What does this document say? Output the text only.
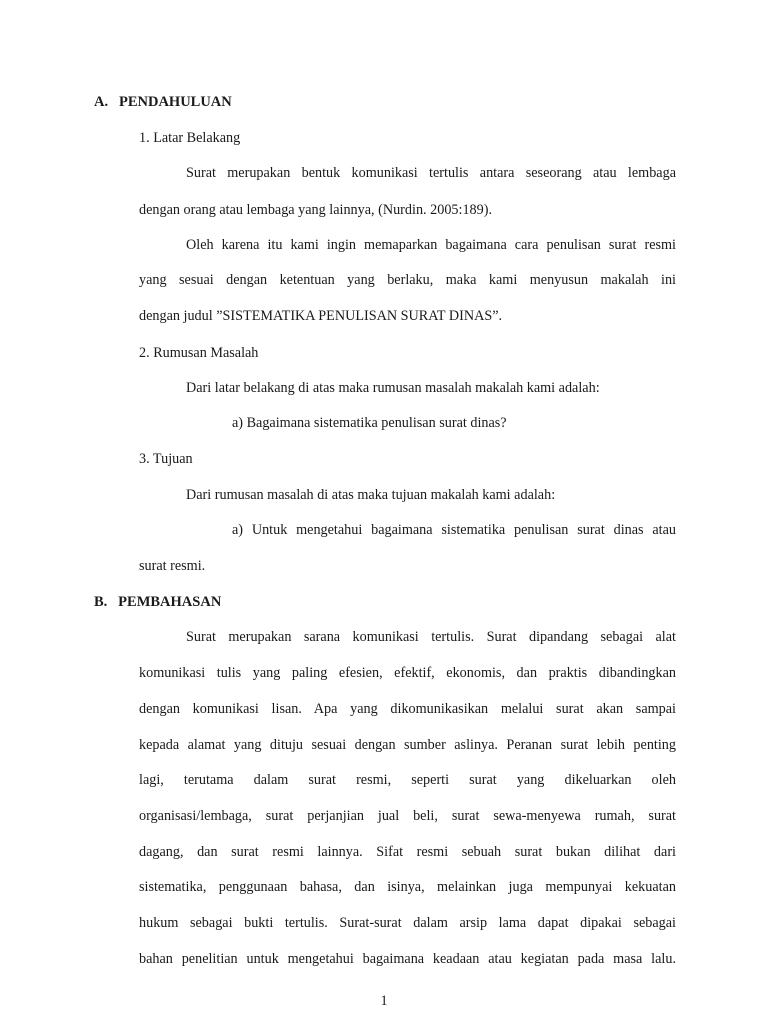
A.   PENDAHULUAN
1. Latar Belakang
Surat merupakan bentuk komunikasi tertulis antara seseorang atau lembaga
dengan orang atau lembaga yang lainnya, (Nurdin. 2005:189).
Oleh karena itu kami ingin memaparkan bagaimana cara penulisan surat resmi
yang sesuai dengan ketentuan yang berlaku, maka kami menyusun makalah ini
dengan judul ”SISTEMATIKA PENULISAN SURAT DINAS”.
2. Rumusan Masalah
Dari latar belakang di atas maka rumusan masalah makalah kami adalah:
a) Bagaimana sistematika penulisan surat dinas?
3. Tujuan
Dari rumusan masalah di atas maka tujuan makalah kami adalah:
a) Untuk mengetahui bagaimana sistematika penulisan surat dinas atau
surat resmi.
B.   PEMBAHASAN
Surat merupakan sarana komunikasi tertulis. Surat dipandang sebagai alat
komunikasi tulis yang paling efesien, efektif, ekonomis, dan praktis dibandingkan
dengan komunikasi lisan. Apa yang dikomunikasikan melalui surat akan sampai
kepada alamat yang dituju sesuai dengan sumber aslinya. Peranan surat lebih penting
lagi, terutama dalam surat resmi, seperti surat yang dikeluarkan oleh
organisasi/lembaga, surat perjanjian jual beli, surat sewa-menyewa rumah, surat
dagang, dan surat resmi lainnya. Sifat resmi sebuah surat bukan dilihat dari
sistematika, penggunaan bahasa, dan isinya, melainkan juga mempunyai kekuatan
hukum sebagai bukti tertulis. Surat-surat dalam arsip lama dapat dipakai sebagai
bahan penelitian untuk mengetahui bagaimana keadaan atau kegiatan pada masa lalu.
1
